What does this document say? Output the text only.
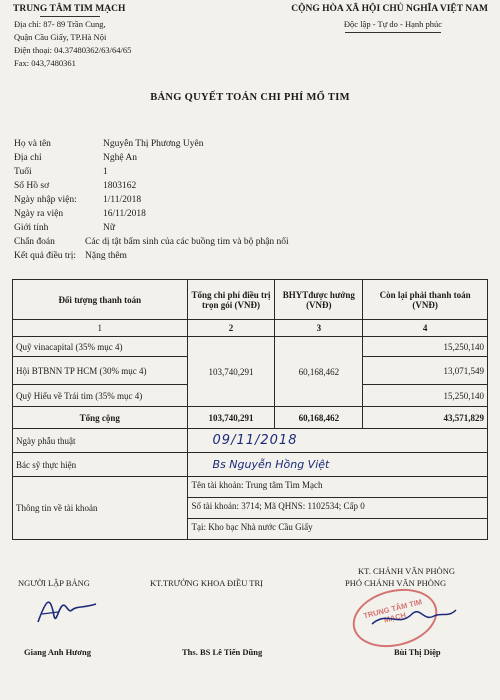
TRUNG TÂM TIM MẠCH
Địa chỉ: 87- 89 Trần Cung,
Quận Cầu Giấy, TP.Hà Nội
Điện thoại: 04.37480362/63/64/65
Fax: 043,7480361
CỘNG HÒA XÃ HỘI CHỦ NGHĨA VIỆT NAM
Độc lập - Tự do - Hạnh phúc
BẢNG QUYẾT TOÁN CHI PHÍ MỔ TIM
Họ và tên	Nguyễn Thị Phương Uyên
Địa chỉ	Nghệ An
Tuổi	1
Số Hồ sơ	1803162
Ngày nhập viện:	1/11/2018
Ngày ra viện	16/11/2018
Giới tính	Nữ
Chẩn đoán	Các dị tật bẩm sinh của các buồng tim và bộ phận nối
Kết quả điều trị: Nặng thêm
Đối tượng thanh toán	Tổng chi phí điều trị trọn gói (VNĐ)	BHYTđược hưởng (VNĐ)	Còn lại phải thanh toán (VNĐ)
1	2	3	4
Quỹ vinacapital (35% mục 4)	103,740,291	60,168,462	15,250,140
Hội BTBNN TP HCM (30% mục 4)			13,071,549
Quỹ Hiểu về Trái tim (35% mục 4)			15,250,140
Tổng cộng	103,740,291	60,168,462	43,571,829
Ngày phẫu thuật	09/11/2018		
Bác sỹ thực hiện	Bs Nguyễn Hồng Việt		
Thông tin về tài khoản	Tên tài khoản: Trung tâm Tim Mạch
Số tài khoản: 3714; Mã QHNS: 1102534; Cấp 0
Tại: Kho bạc Nhà nước Cầu Giấy		
NGƯỜI LẬP BẢNG	KT.TRƯỞNG KHOA ĐIỀU TRỊ
KT. CHÁNH VĂN PHÒNG
PHÓ CHÁNH VĂN PHÒNG
TRUNG TÂM TIM MẠCH
Giang Anh Hương	Ths. BS Lê Tiến Dũng	Bùi Thị Diệp
